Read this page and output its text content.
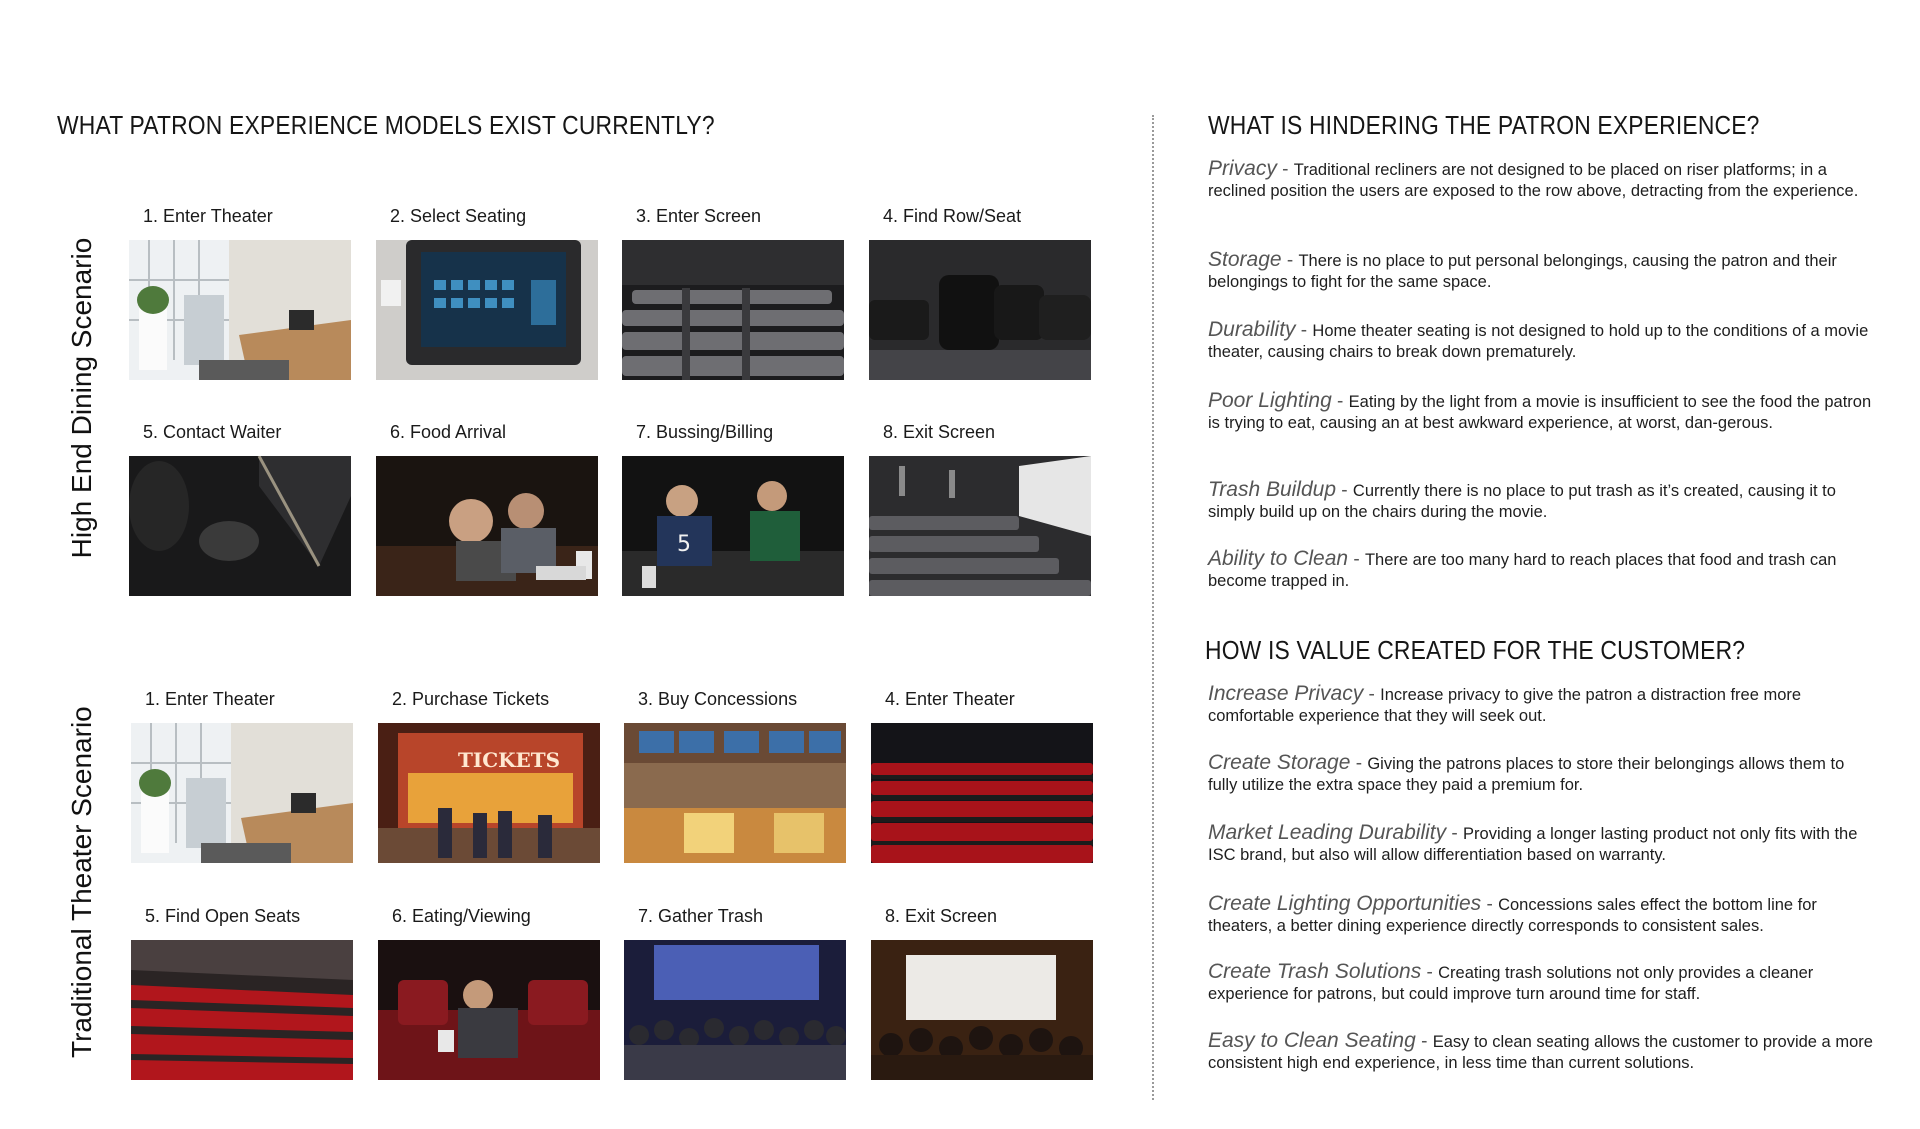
WHAT PATRON EXPERIENCE MODELS EXIST CURRENTLY?
High End Dining Scenario
Traditional Theater Scenario
1. Enter Theater	2. Select Seating	3. Enter Screen	4. Find Row/Seat
5. Contact Waiter	6. Food Arrival	7. Bussing/Billing
5
8. Exit Screen
1. Enter Theater	2. Purchase Tickets
TICKETS
3. Buy Concessions	4. Enter Theater
5. Find Open Seats	6. Eating/Viewing	7. Gather Trash	8. Exit Screen
WHAT IS HINDERING THE PATRON EXPERIENCE?
Privacy - Traditional recliners are not designed to be placed on riser platforms; in a reclined position the users are exposed to the row above, detracting from the experience.
Storage - There is no place to put personal belongings, causing the patron and their belongings to fight for the same space.
Durability - Home theater seating is not designed to hold up to the conditions of a movie theater, causing chairs to break down prematurely.
Poor Lighting - Eating by the light from a movie is insufficient to see the food the patron is trying to eat, causing an at best awkward experience, at worst, dan-gerous.
Trash Buildup - Currently there is no place to put trash as it’s created, causing it to simply build up on the chairs during the movie.
Ability to Clean - There are too many hard to reach places that food and trash can become trapped in.
HOW IS VALUE CREATED FOR THE CUSTOMER?
Increase Privacy - Increase privacy to give the patron a distraction free more comfortable experience that they will seek out.
Create Storage - Giving the patrons places to store their belongings allows them to fully utilize the extra space they paid a premium for.
Market Leading Durability - Providing a longer lasting product not only fits with the ISC brand, but also will allow differentiation based on warranty.
Create Lighting Opportunities - Concessions sales effect the bottom line for theaters, a better dining experience directly corresponds to consistent sales.
Create Trash Solutions - Creating trash solutions not only provides a cleaner experience for patrons, but could improve turn around time for staff.
Easy to Clean Seating - Easy to clean seating allows the customer to provide a more consistent high end experience, in less time than current solutions.
